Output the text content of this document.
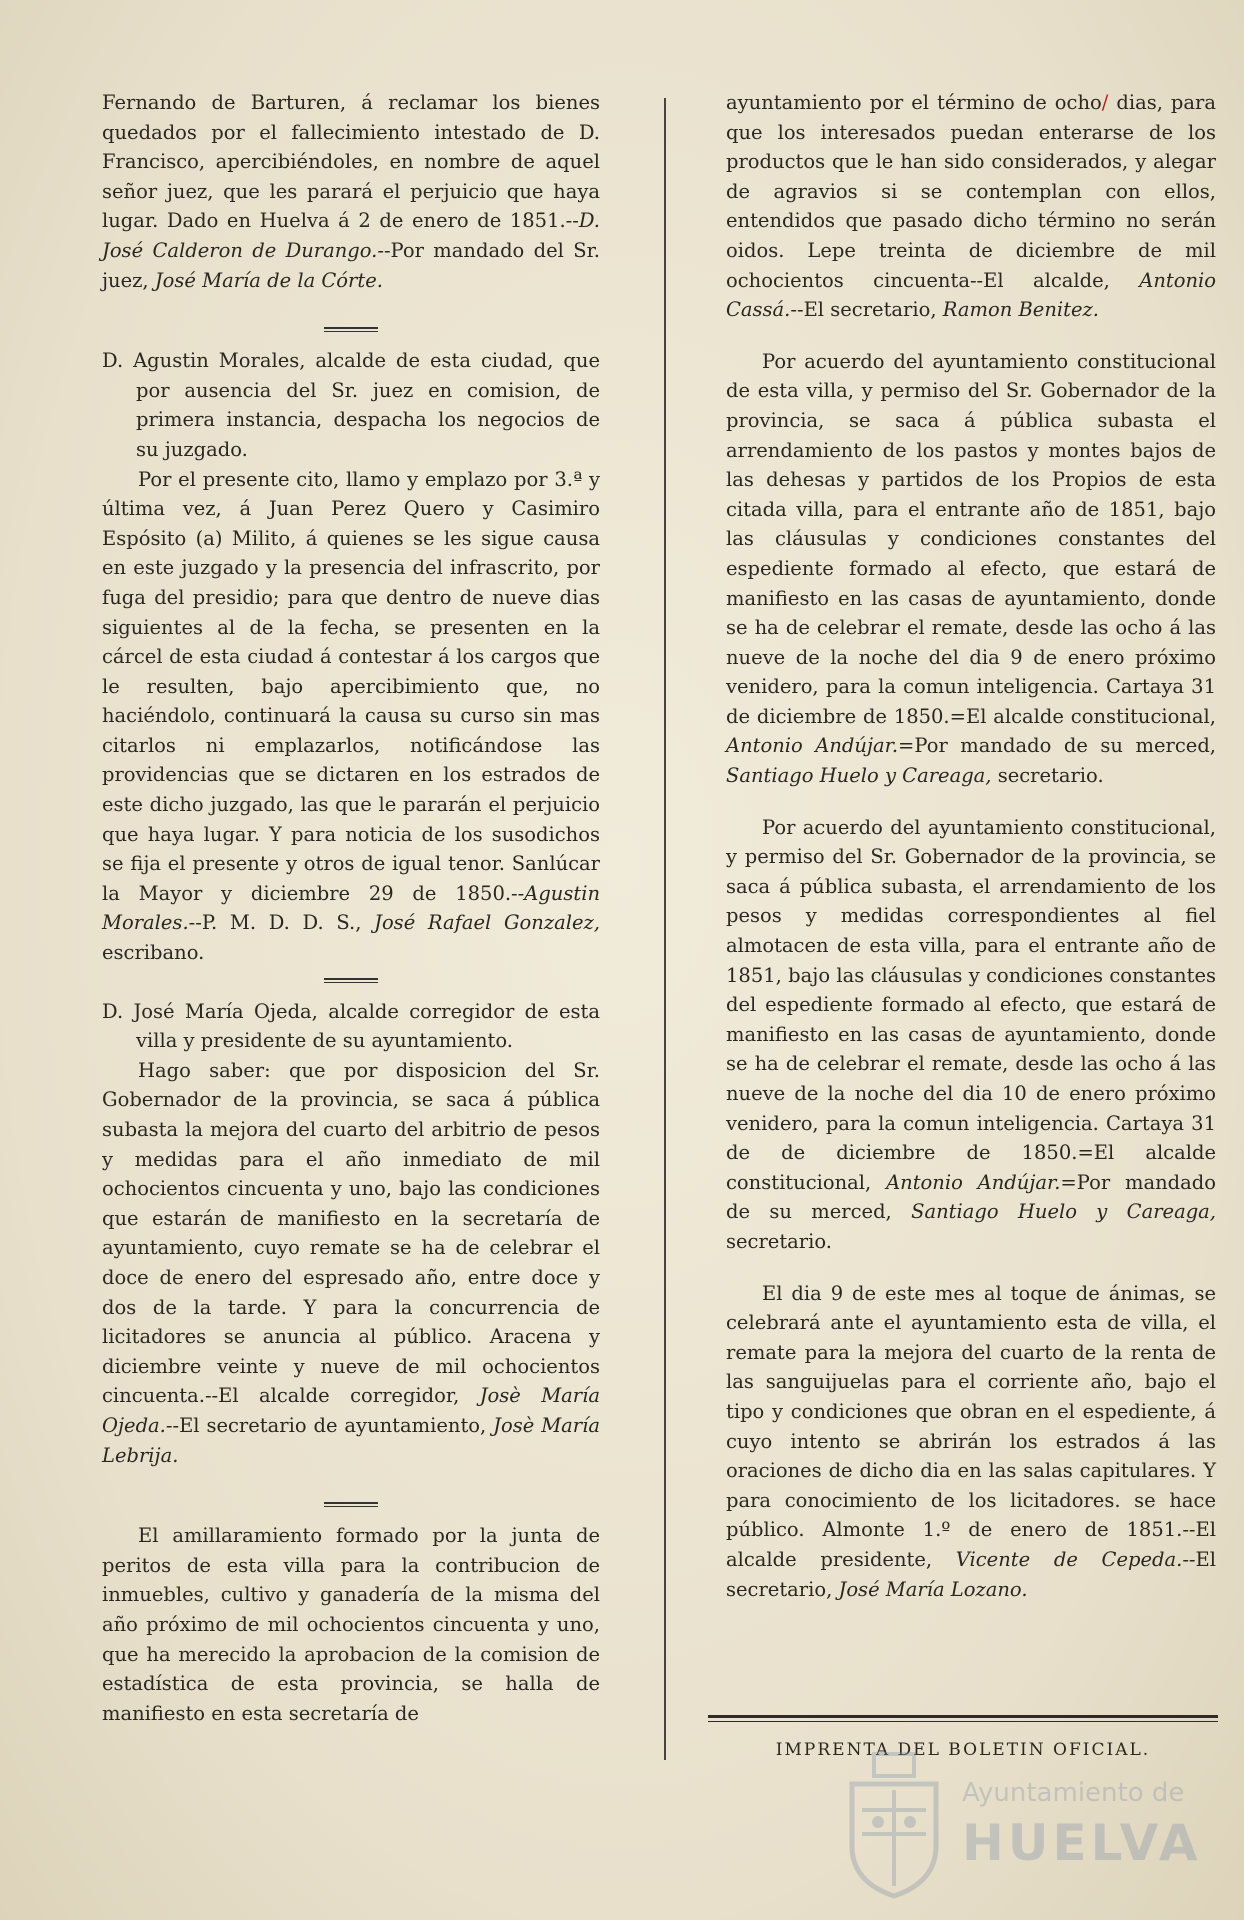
Fernando de Barturen, á reclamar los bienes quedados por el fallecimiento intestado de D. Francisco, apercibiéndoles, en nombre de aquel señor juez, que les parará el perjuicio que haya lugar. Dado en Huelva á 2 de enero de 1851.--D. José Calderon de Durango.--Por mandado del Sr. juez, José María de la Córte.

D. Agustin Morales, alcalde de esta ciudad, que por ausencia del Sr. juez en comision, de primera instancia, despacha los negocios de su juzgado.

Por el presente cito, llamo y emplazo por 3.ª y última vez, á Juan Perez Quero y Casimiro Espósito (a) Milito, á quienes se les sigue causa en este juzgado y la presencia del infrascrito, por fuga del presidio; para que dentro de nueve dias siguientes al de la fecha, se presenten en la cárcel de esta ciudad á contestar á los cargos que le resulten, bajo apercibimiento que, no haciéndolo, continuará la causa su curso sin mas citarlos ni emplazarlos, notificándose las providencias que se dictaren en los estrados de este dicho juzgado, las que le pararán el perjuicio que haya lugar. Y para noticia de los susodichos se fija el presente y otros de igual tenor. Sanlúcar la Mayor y diciembre 29 de 1850.--Agustin Morales.--P. M. D. D. S., José Rafael Gonzalez, escribano.

D. José María Ojeda, alcalde corregidor de esta villa y presidente de su ayuntamiento.

Hago saber: que por disposicion del Sr. Gobernador de la provincia, se saca á pública subasta la mejora del cuarto del arbitrio de pesos y medidas para el año inmediato de mil ochocientos cincuenta y uno, bajo las condiciones que estarán de manifiesto en la secretaría de ayuntamiento, cuyo remate se ha de celebrar el doce de enero del espresado año, entre doce y dos de la tarde. Y para la concurrencia de licitadores se anuncia al público. Aracena y diciembre veinte y nueve de mil ochocientos cincuenta.--El alcalde corregidor, Josè María Ojeda.--El secretario de ayuntamiento, Josè María Lebrija.

El amillaramiento formado por la junta de peritos de esta villa para la contribucion de inmuebles, cultivo y ganadería de la misma del año próximo de mil ochocientos cincuenta y uno, que ha merecido la aprobacion de la comision de estadística de esta provincia, se halla de manifiesto en esta secretaría de

ayuntamiento por el término de ocho/ dias, para que los interesados puedan enterarse de los productos que le han sido considerados, y alegar de agravios si se contemplan con ellos, entendidos que pasado dicho término no serán oidos. Lepe treinta de diciembre de mil ochocientos cincuenta--El alcalde, Antonio Cassá.--El secretario, Ramon Benitez.

Por acuerdo del ayuntamiento constitucional de esta villa, y permiso del Sr. Gobernador de la provincia, se saca á pública subasta el arrendamiento de los pastos y montes bajos de las dehesas y partidos de los Propios de esta citada villa, para el entrante año de 1851, bajo las cláusulas y condiciones constantes del espediente formado al efecto, que estará de manifiesto en las casas de ayuntamiento, donde se ha de celebrar el remate, desde las ocho á las nueve de la noche del dia 9 de enero próximo venidero, para la comun inteligencia. Cartaya 31 de diciembre de 1850.=El alcalde constitucional, Antonio Andújar.=Por mandado de su merced, Santiago Huelo y Careaga, secretario.

Por acuerdo del ayuntamiento constitucional, y permiso del Sr. Gobernador de la provincia, se saca á pública subasta, el arrendamiento de los pesos y medidas correspondientes al fiel almotacen de esta villa, para el entrante año de 1851, bajo las cláusulas y condiciones constantes del espediente formado al efecto, que estará de manifiesto en las casas de ayuntamiento, donde se ha de celebrar el remate, desde las ocho á las nueve de la noche del dia 10 de enero próximo venidero, para la comun inteligencia. Cartaya 31 de de diciembre de 1850.=El alcalde constitucional, Antonio Andújar.=Por mandado de su merced, Santiago Huelo y Careaga, secretario.

El dia 9 de este mes al toque de ánimas, se celebrará ante el ayuntamiento esta de villa, el remate para la mejora del cuarto de la renta de las sanguijuelas para el corriente año, bajo el tipo y condiciones que obran en el espediente, á cuyo intento se abrirán los estrados á las oraciones de dicho dia en las salas capitulares. Y para conocimiento de los licitadores. se hace público. Almonte 1.º de enero de 1851.--El alcalde presidente, Vicente de Cepeda.--El secretario, José María Lozano.

IMPRENTA DEL BOLETIN OFICIAL.
Ayuntamiento de
HUELVA
